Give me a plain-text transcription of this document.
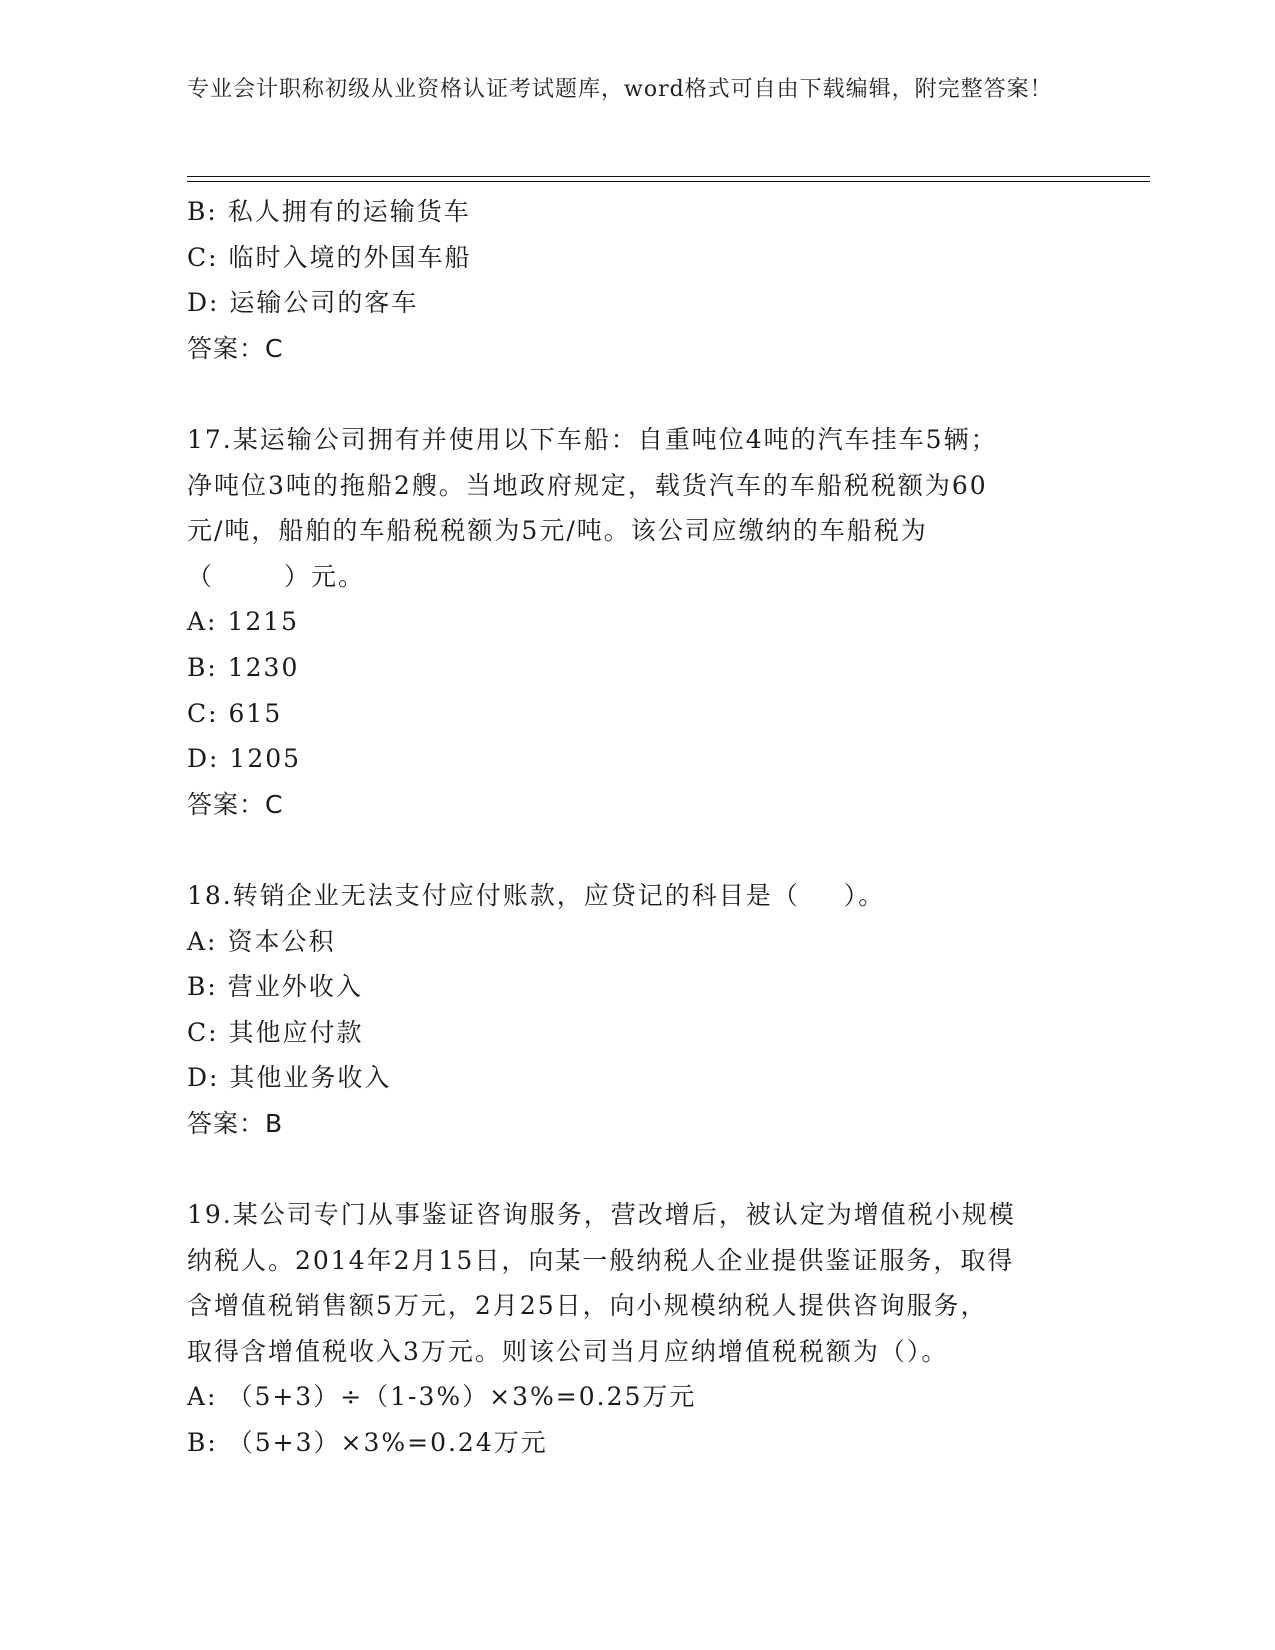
专业会计职称初级从业资格认证考试题库，word格式可自由下载编辑，附完整答案！
B: 私人拥有的运输货车
C: 临时入境的外国车船
D: 运输公司的客车
答案：C
17.某运输公司拥有并使用以下车船：自重吨位4吨的汽车挂车5辆；
净吨位3吨的拖船2艘。当地政府规定，载货汽车的车船税税额为60
元/吨，船舶的车船税税额为5元/吨。该公司应缴纳的车船税为
（	）元。
A: 1215
B: 1230
C: 615
D: 1205
答案：C
18.转销企业无法支付应付账款，应贷记的科目是（ ）。
A: 资本公积
B: 营业外收入
C: 其他应付款
D: 其他业务收入
答案：B
19.某公司专门从事鉴证咨询服务，营改增后，被认定为增值税小规模
纳税人。2014年2月15日，向某一般纳税人企业提供鉴证服务，取得
含增值税销售额5万元，2月25日，向小规模纳税人提供咨询服务，
取得含增值税收入3万元。则该公司当月应纳增值税税额为（）。
A: （5+3）÷（1-3%）×3%=0.25万元
B: （5+3）×3%=0.24万元
